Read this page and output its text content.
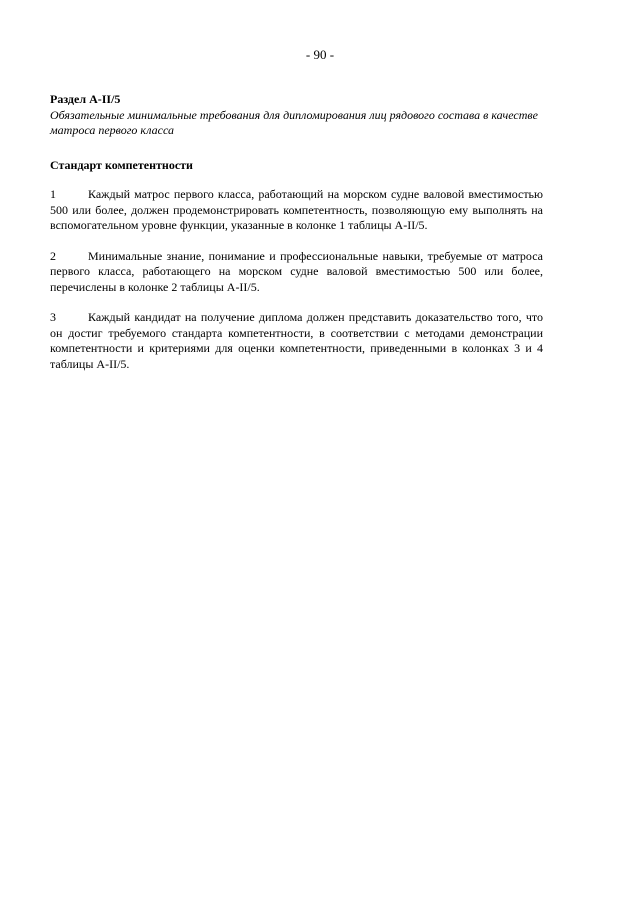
- 90 -

Раздел A-II/5

Обязательные минимальные требования для дипломирования лиц рядового состава в качестве матроса первого класса

Стандарт компетентности

1	Каждый матрос первого класса, работающий на морском судне валовой вместимостью 500 или более, должен продемонстрировать компетентность, позволяющую ему выполнять на вспомогательном уровне функции, указанные в колонке 1 таблицы A-II/5.

2	Минимальные знание, понимание и профессиональные навыки, требуемые от матроса первого класса, работающего на морском судне валовой вместимостью 500 или более, перечислены в колонке 2 таблицы A-II/5.

3	Каждый кандидат на получение диплома должен представить доказательство того, что он достиг требуемого стандарта компетентности, в соответствии с методами демонстрации компетентности и критериями для оценки компетентности, приведенными в колонках 3 и 4 таблицы A-II/5.
